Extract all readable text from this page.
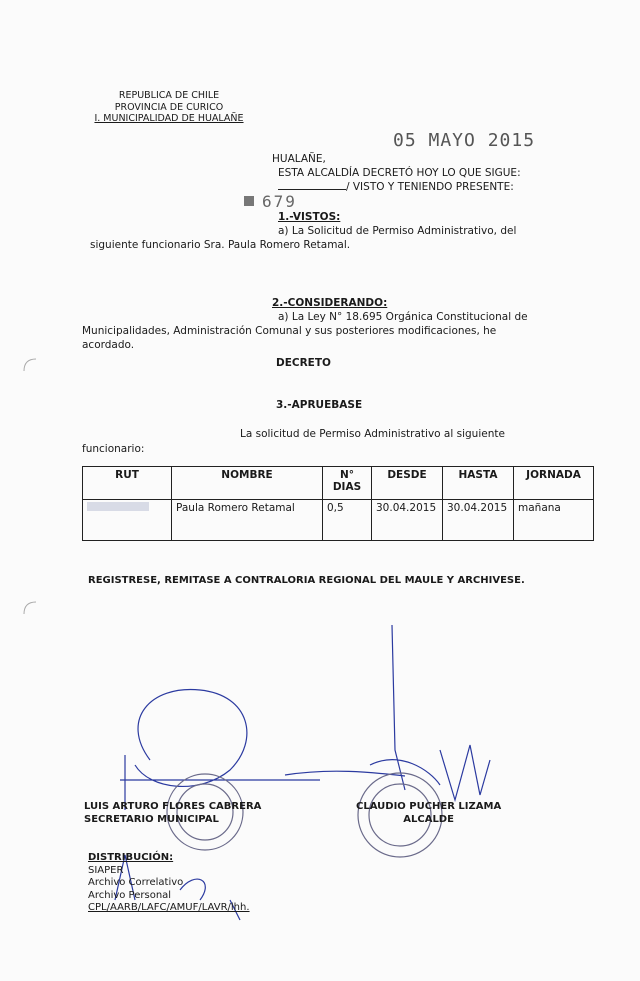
REPUBLICA DE CHILE
PROVINCIA DE CURICO
I. MUNICIPALIDAD DE HUALAÑE
05 MAYO 2015
HUALAÑE,
ESTA ALCALDÍA DECRETÓ HOY LO QUE SIGUE:
/ VISTO Y TENIENDO PRESENTE:
679
1.-VISTOS:
a) La Solicitud de Permiso Administrativo, del
siguiente funcionario Sra. Paula Romero Retamal.
2.-CONSIDERANDO:
a) La Ley N° 18.695 Orgánica Constitucional de
Municipalidades, Administración Comunal y sus posteriores modificaciones, he
acordado.
DECRETO
3.-APRUEBASE
La solicitud de Permiso Administrativo al siguiente
funcionario:
RUT	NOMBRE	N° DIAS	DESDE	HASTA	JORNADA
	Paula Romero Retamal	0,5	30.04.2015	30.04.2015	mañana
REGISTRESE, REMITASE A CONTRALORIA REGIONAL DEL MAULE Y ARCHIVESE.
LUIS ARTURO FLORES CABRERA
SECRETARIO MUNICIPAL
CLAUDIO PUCHER LIZAMA
ALCALDE
DISTRIBUCIÓN:
SIAPER
Archivo Correlativo
Archivo Personal
CPL/AARB/LAFC/AMUF/LAVR/lhh.
